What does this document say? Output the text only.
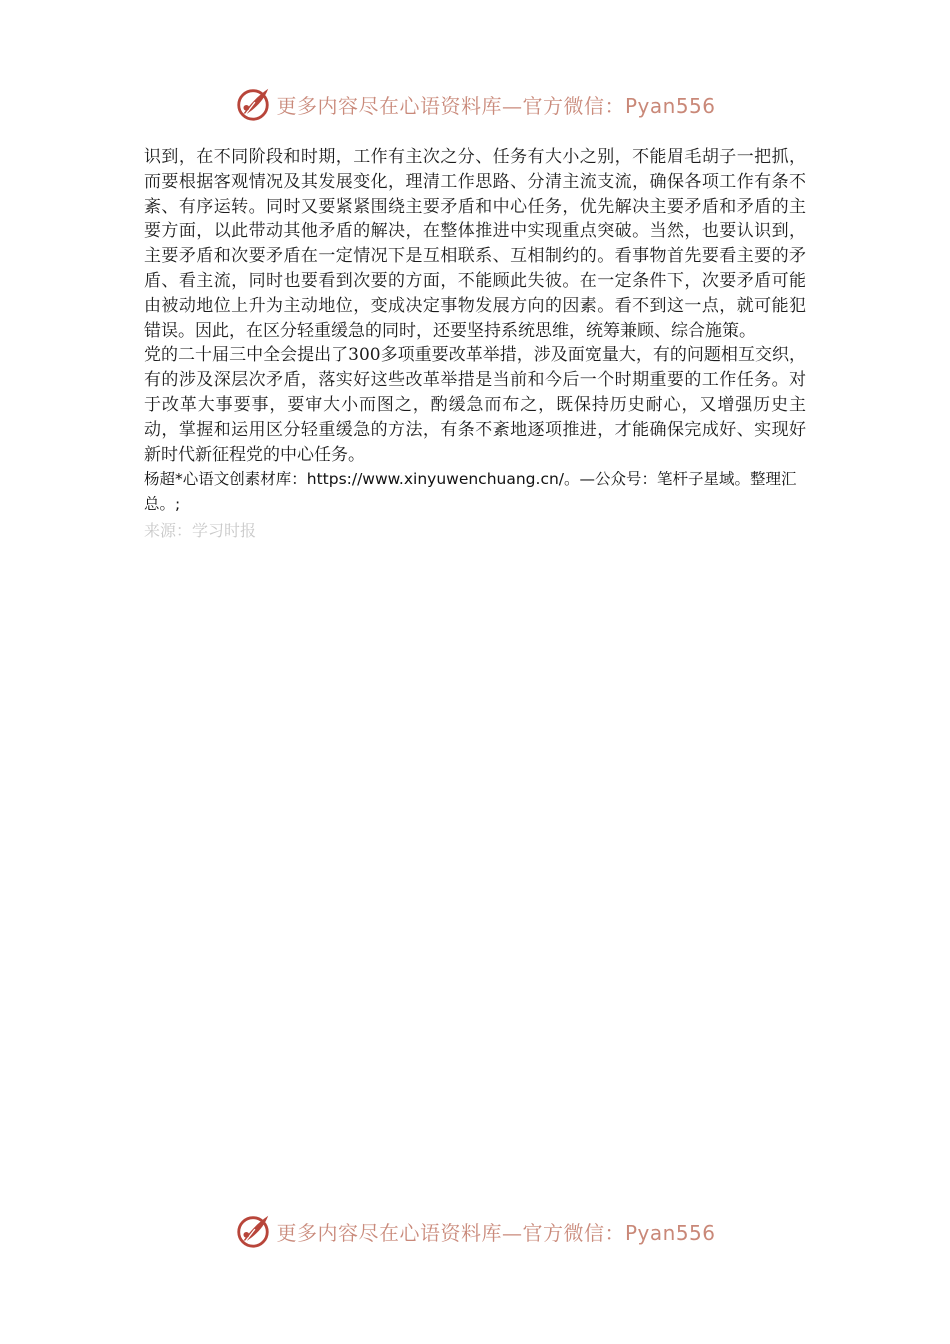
更多内容尽在心语资料库—官方微信：Pyan556

识到，在不同阶段和时期，工作有主次之分、任务有大小之别，不能眉毛胡子一把抓，而要根据客观情况及其发展变化，理清工作思路、分清主流支流，确保各项工作有条不紊、有序运转。同时又要紧紧围绕主要矛盾和中心任务，优先解决主要矛盾和矛盾的主要方面，以此带动其他矛盾的解决，在整体推进中实现重点突破。当然，也要认识到，主要矛盾和次要矛盾在一定情况下是互相联系、互相制约的。看事物首先要看主要的矛盾、看主流，同时也要看到次要的方面，不能顾此失彼。在一定条件下，次要矛盾可能由被动地位上升为主动地位，变成决定事物发展方向的因素。看不到这一点，就可能犯错误。因此，在区分轻重缓急的同时，还要坚持系统思维，统筹兼顾、综合施策。

党的二十届三中全会提出了300多项重要改革举措，涉及面宽量大，有的问题相互交织，有的涉及深层次矛盾，落实好这些改革举措是当前和今后一个时期重要的工作任务。对于改革大事要事，要审大小而图之，酌缓急而布之，既保持历史耐心，又增强历史主动，掌握和运用区分轻重缓急的方法，有条不紊地逐项推进，才能确保完成好、实现好新时代新征程党的中心任务。

杨超*心语文创素材库：https://www.xinyuwenchuang.cn/。—公众号：笔杆子星域。整理汇总。;

来源：学习时报

更多内容尽在心语资料库—官方微信：Pyan556
